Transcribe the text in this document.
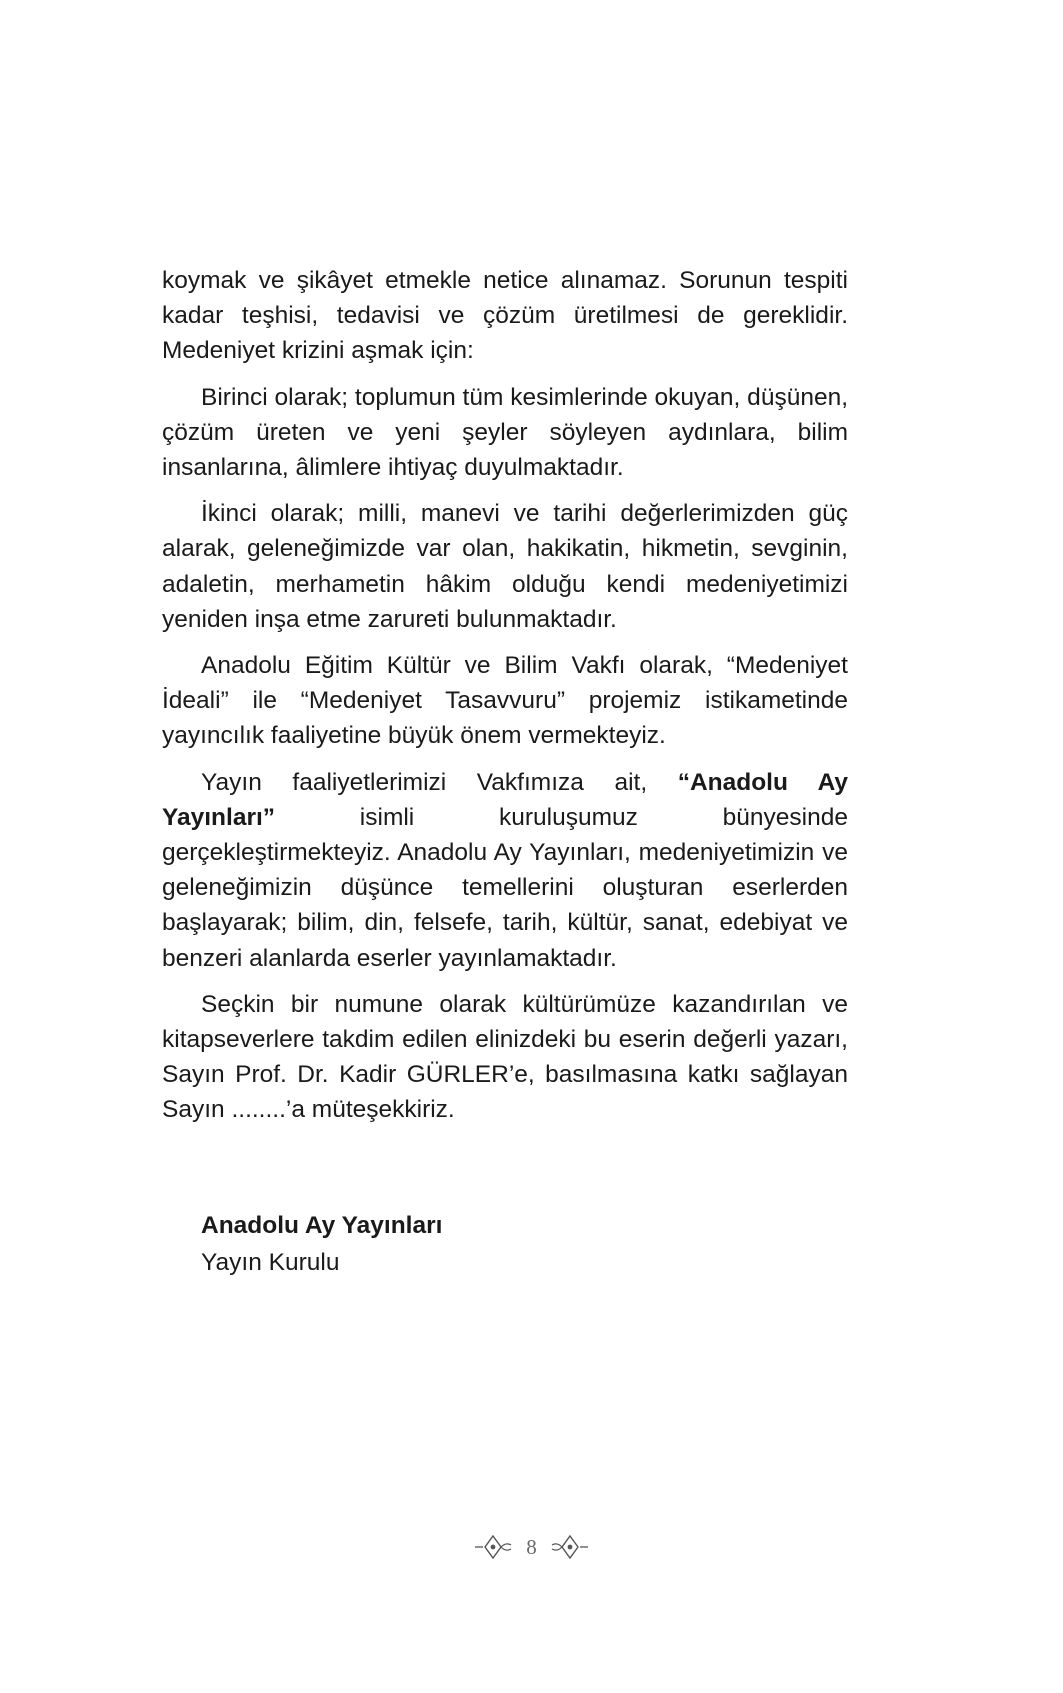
koymak ve şikâyet etmekle netice alınamaz. Sorunun tespiti kadar teşhisi, tedavisi ve çözüm üretilmesi de gereklidir. Medeniyet krizini aşmak için:

Birinci olarak; toplumun tüm kesimlerinde okuyan, düşünen, çözüm üreten ve yeni şeyler söyleyen aydınlara, bilim insanlarına, âlimlere ihtiyaç duyulmaktadır.

İkinci olarak; milli, manevi ve tarihi değerlerimizden güç alarak, geleneğimizde var olan, hakikatin, hikmetin, sevginin, adaletin, merhametin hâkim olduğu kendi medeniyetimizi yeniden inşa etme zarureti bulunmaktadır.

Anadolu Eğitim Kültür ve Bilim Vakfı olarak, “Medeniyet İdeali” ile “Medeniyet Tasavvuru” projemiz istikametinde yayıncılık faaliyetine büyük önem vermekteyiz.

Yayın faaliyetlerimizi Vakfımıza ait, “Anadolu Ay Yayınları” isimli kuruluşumuz bünyesinde gerçekleştirmekteyiz. Anadolu Ay Yayınları, medeniyetimizin ve geleneğimizin düşünce temellerini oluşturan eserlerden başlayarak; bilim, din, felsefe, tarih, kültür, sanat, edebiyat ve benzeri alanlarda eserler yayınlamaktadır.

Seçkin bir numune olarak kültürümüze kazandırılan ve kitapseverlere takdim edilen elinizdeki bu eserin değerli yazarı, Sayın Prof. Dr. Kadir GÜRLER’e, basılmasına katkı sağlayan Sayın ........’a müteşekkiriz.

Anadolu Ay Yayınları
Yayın Kurulu
8
